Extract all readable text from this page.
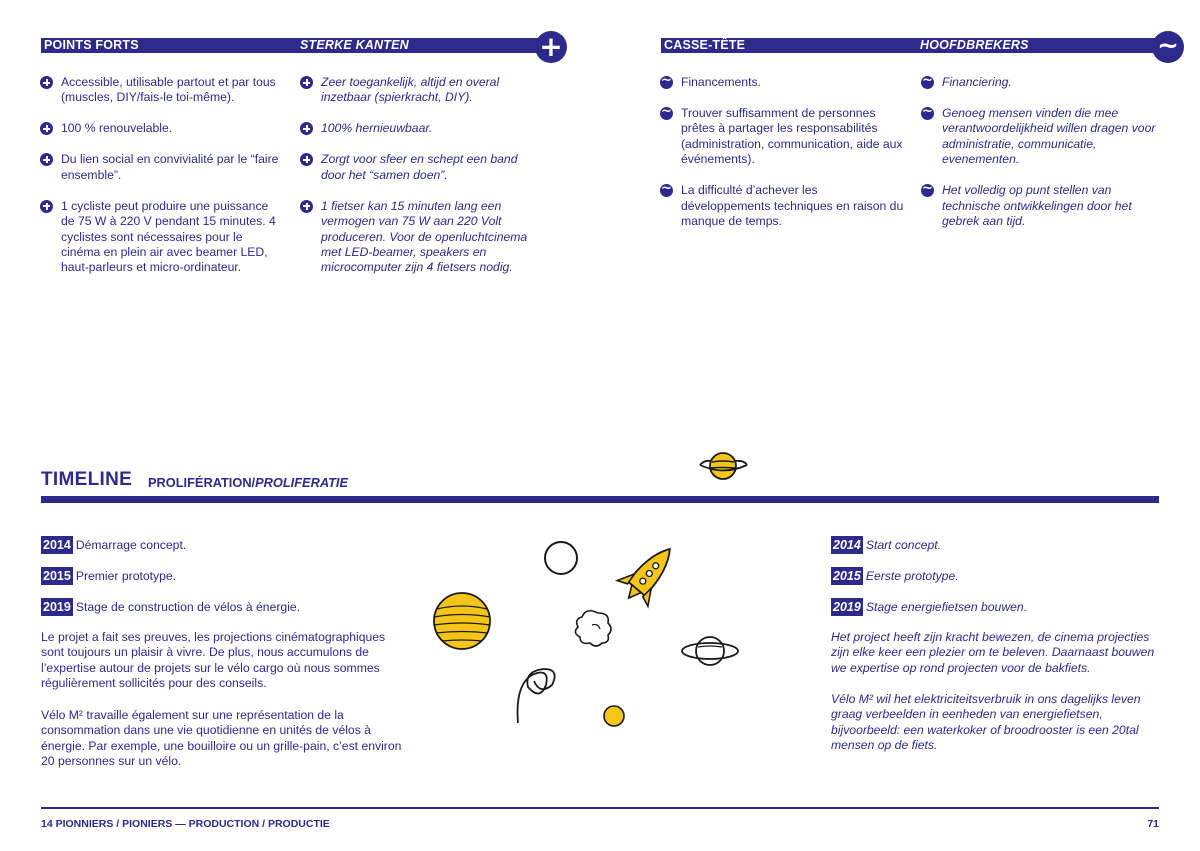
POINTS FORTS	STERKE KANTEN	+	CASSE-TÊTE	HOOFDBREKERS	~
Accessible, utilisable partout et par tous (muscles, DIY/fais-le toi-même).
100 % renouvelable.
Du lien social en convivialité par le “faire ensemble”.
1 cycliste peut produire une puissance de 75 W à 220 V pendant 15 minutes. 4 cyclistes sont nécessaires pour le cinéma en plein air avec beamer LED, haut-parleurs et micro-ordinateur.
Zeer toegankelijk, altijd en overal inzetbaar (spierkracht, DIY).
100% hernieuwbaar.
Zorgt voor sfeer en schept een band door het “samen doen”.
1 fietser kan 15 minuten lang een vermogen van 75 W aan 220 Volt produceren. Voor de openluchtcinema met LED-beamer, speakers en microcomputer zijn 4 fietsers nodig.
~
Financements.
~
Trouver suffisamment de personnes prêtes à partager les responsabilités (administration, communication, aide aux événements).
~
La difficulté d’achever les développements techniques en raison du manque de temps.
~
Financiering.
~
Genoeg mensen vinden die mee verantwoordelijkheid willen dragen voor administratie, communicatie, evenementen.
~
Het volledig op punt stellen van technische ontwikkelingen door het gebrek aan tijd.
TIMELINE PROLIFÉRATION/PROLIFERATIE
2014 Démarrage concept.
2015 Premier prototype.
2019 Stage de construction de vélos à énergie.

Le projet a fait ses preuves, les projections cinématographiques sont toujours un plaisir à vivre. De plus, nous accumulons de l’expertise autour de projets sur le vélo cargo où nous sommes régulièrement sollicités pour des conseils.

Vélo M² travaille également sur une représentation de la consommation dans une vie quotidienne en unités de vélos à énergie. Par exemple, une bouilloire ou un grille-pain, c’est environ 20 personnes sur un vélo.

2014 Start concept.
2015 Eerste prototype.
2019 Stage energiefietsen bouwen.

Het project heeft zijn kracht bewezen, de cinema projecties zijn elke keer een plezier om te beleven. Daarnaast bouwen we expertise op rond projecten voor de bakfiets.

Vélo M² wil het elektriciteitsverbruik in ons dagelijks leven graag verbeelden in eenheden van energiefietsen, bijvoorbeeld: een waterkoker of broodrooster is een 20tal mensen op de fiets.

14 PIONNIERS / PIONIERS — PRODUCTION / PRODUCTIE	71
